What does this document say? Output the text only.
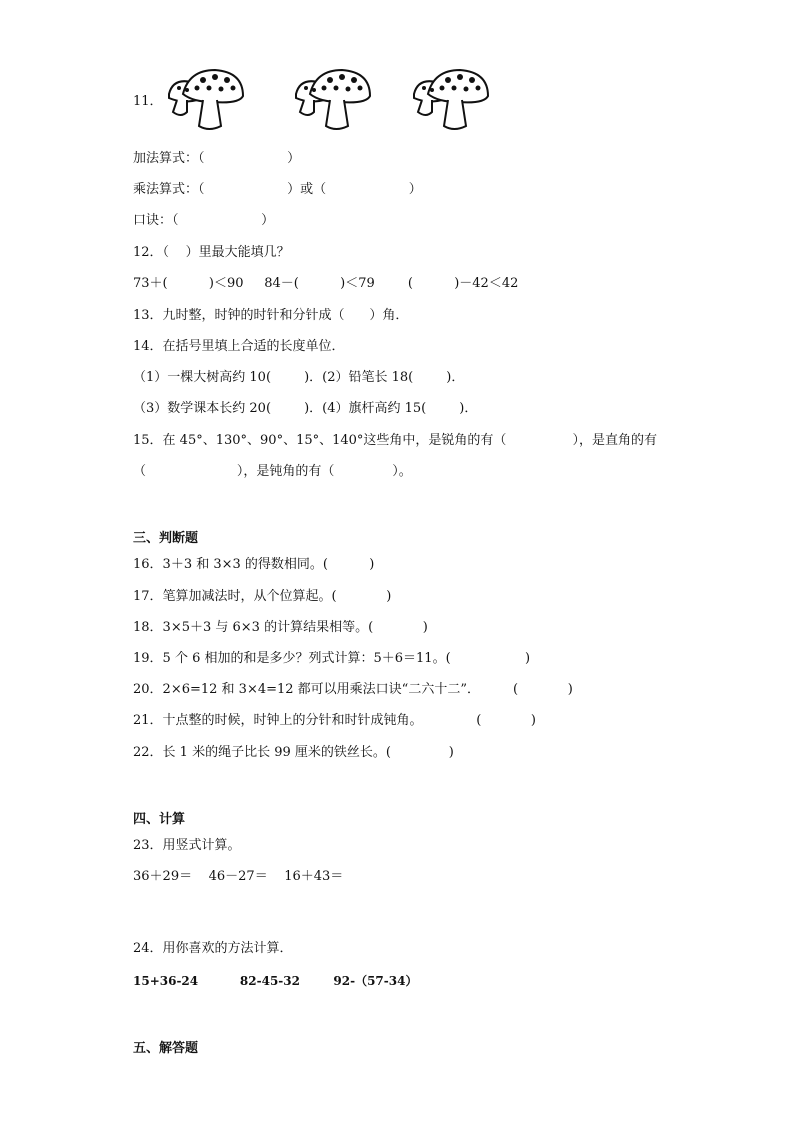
11．
加法算式：（                    ）
乘法算式：（                    ）或（                    ）
口诀：（                    ）
12．（    ）里最大能填几？
73＋(          )＜90     84－(          )＜79        (          )－42＜42
13．九时整，时钟的时针和分针成（      ）角．
14．在括号里填上合适的长度单位．
（1）一棵大树高约 10(        )．(2）铅笔长 18(        )．
（3）数学课本长约 20(        )．(4）旗杆高约 15(        )．
15．在 45°、130°、90°、15°、140°这些角中，是锐角的有（                ），是直角的有
（                      ），是钝角的有（              ）。
三、判断题
16．3＋3 和 3×3 的得数相同。(          )
17．笔算加减法时，从个位算起。(            )
18．3×5＋3 与 6×3 的计算结果相等。(            )
19．5 个 6 相加的和是多少？列式计算：5＋6＝11。(                  )
20．2×6=12 和 3×4=12 都可以用乘法口诀“二六十二”．        (            )
21．十点整的时候，时钟上的分针和时针成钝角。             (            )
22．长 1 米的绳子比长 99 厘米的铁丝长。(              )
四、计算
23．用竖式计算。
36＋29＝    46－27＝    16＋43＝
24．用你喜欢的方法计算．
15+36-24          82-45-32        92-（57-34）
五、解答题
